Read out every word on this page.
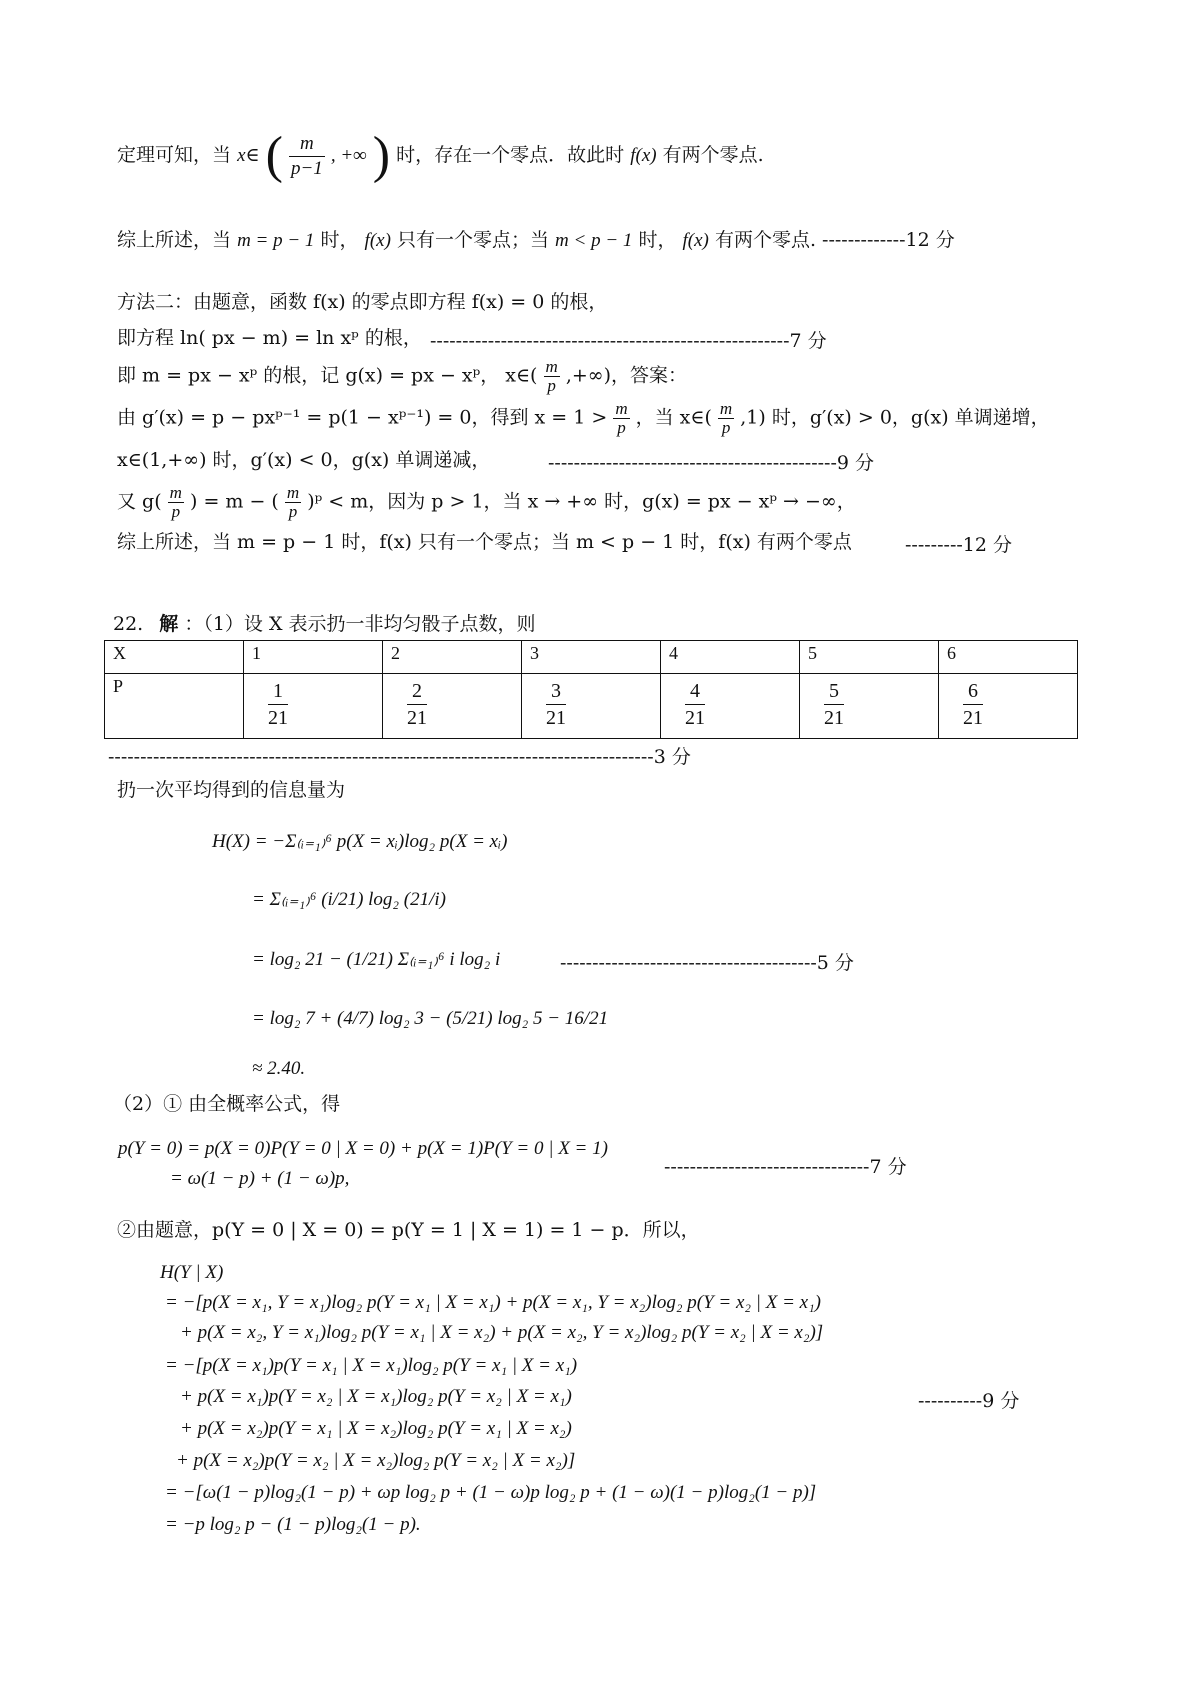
定理可知，当 x∈ ( $\frac{m}{p-1}$ , +∞ ) 时，存在一个零点．故此时 f(x) 有两个零点.
综上所述，当 m = p − 1 时， f(x) 只有一个零点；当 m < p − 1 时， f(x) 有两个零点. -------------12 分
方法二：由题意，函数 f(x) 的零点即方程 f(x) = 0 的根，
即方程 ln( px − m) = ln xᵖ 的根， --------------------------------------------------------7 分
即 m = px − xᵖ 的根，记 g(x) = px − xᵖ， x∈( $\frac{m}{p}$ ,+∞)，答案：
由 g′(x) = p − pxᵖ⁻¹ = p(1 − xᵖ⁻¹) = 0，得到 $x = 1 > \frac{m}{p}$ ，当 x∈( $\frac{m}{p} ,1$) 时，g′(x) > 0，g(x) 单调递增，
x∈(1,+∞) 时，g′(x) < 0，g(x) 单调递减，	---------------------------------------------9 分
又 $g( \frac{m}{p}$ ) = m − ( $\frac{m}{p}$ )ᵖ < m，因为 p > 1，当 x → +∞ 时，g(x) = px − xᵖ → −∞，
综上所述，当 m = p − 1 时，f(x) 只有一个零点；当 m < p − 1 时，f(x) 有两个零点	---------12 分
22. 解 ：（1）设 X 表示扔一非均匀骰子点数，则
X	1	2	3	4	5	6
P	$\frac{1}{21}$	$\frac{2}{21}$	$\frac{3}{21}$	$\frac{4}{21}$	$\frac{5}{21}$	$\frac{6}{21}$
-------------------------------------------------------------------------------------3 分
扔一次平均得到的信息量为
H(X) = −Σ₍ᵢ₌₁₎⁶ p(X = xᵢ)log₂ p(X = xᵢ)
= Σ₍ᵢ₌₁₎⁶ (i/21) log₂ (21/i)
= log₂ 21 − (1/21) Σ₍ᵢ₌₁₎⁶ i log₂ i	----------------------------------------5 分
= log₂ 7 + (4/7) log₂ 3 − (5/21) log₂ 5 − 16/21
≈ 2.40.
（2）① 由全概率公式，得
p(Y = 0) = p(X = 0)P(Y = 0 | X = 0) + p(X = 1)P(Y = 0 | X = 1)
= ω(1 − p) + (1 − ω)p,
--------------------------------7 分
②由题意，p(Y = 0 | X = 0) = p(Y = 1 | X = 1) = 1 − p．所以，
H(Y | X)
= −[p(X = x₁, Y = x₁)log₂ p(Y = x₁ | X = x₁) + p(X = x₁, Y = x₂)log₂ p(Y = x₂ | X = x₁)
+ p(X = x₂, Y = x₁)log₂ p(Y = x₁ | X = x₂) + p(X = x₂, Y = x₂)log₂ p(Y = x₂ | X = x₂)]
= −[p(X = x₁)p(Y = x₁ | X = x₁)log₂ p(Y = x₁ | X = x₁)
+ p(X = x₁)p(Y = x₂ | X = x₁)log₂ p(Y = x₂ | X = x₁)	----------9 分
+ p(X = x₂)p(Y = x₁ | X = x₂)log₂ p(Y = x₁ | X = x₂)
+ p(X = x₂)p(Y = x₂ | X = x₂)log₂ p(Y = x₂ | X = x₂)]
= −[ω(1 − p)log₂(1 − p) + ωp log₂ p + (1 − ω)p log₂ p + (1 − ω)(1 − p)log₂(1 − p)]
= −p log₂ p − (1 − p)log₂(1 − p).
